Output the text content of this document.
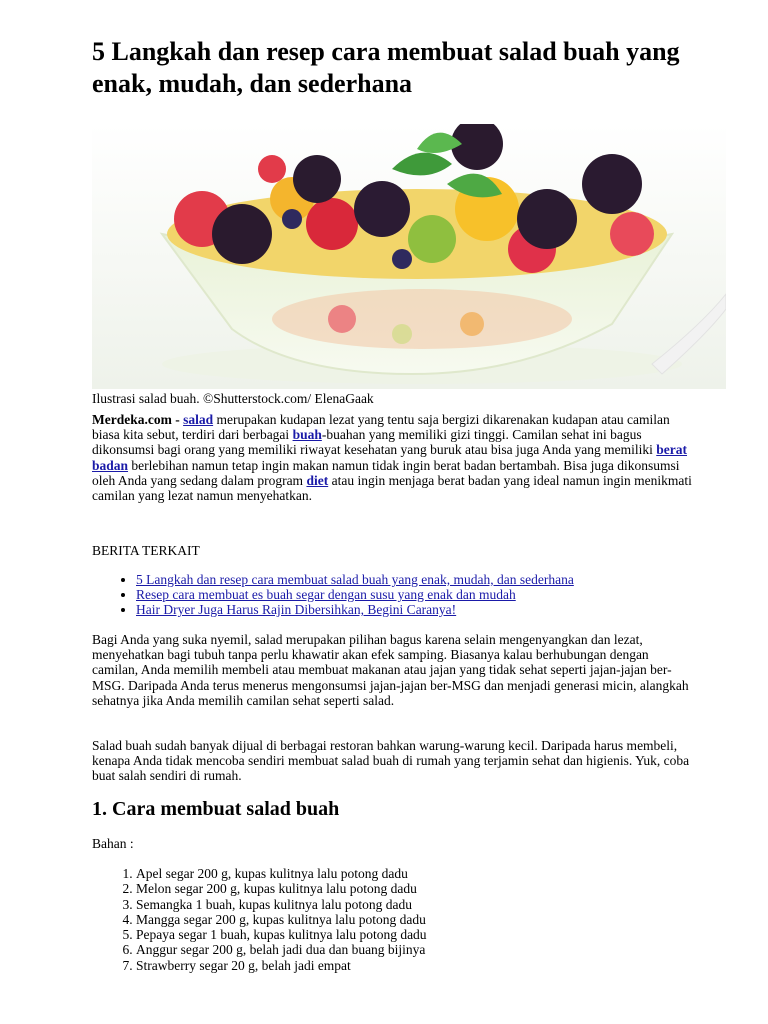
5 Langkah dan resep cara membuat salad buah yang enak, mudah, dan sederhana
Ilustrasi salad buah. ©Shutterstock.com/ ElenaGaak

Merdeka.com - salad merupakan kudapan lezat yang tentu saja bergizi dikarenakan kudapan atau camilan biasa kita sebut, terdiri dari berbagai buah-buahan yang memiliki gizi tinggi. Camilan sehat ini bagus dikonsumsi bagi orang yang memiliki riwayat kesehatan yang buruk atau bisa juga Anda yang memiliki berat badan berlebihan namun tetap ingin makan namun tidak ingin berat badan bertambah. Bisa juga dikonsumsi oleh Anda yang sedang dalam program diet atau ingin menjaga berat badan yang ideal namun ingin menikmati camilan yang lezat namun menyehatkan.

BERITA TERKAIT
• 5 Langkah dan resep cara membuat salad buah yang enak, mudah, dan sederhana
• Resep cara membuat es buah segar dengan susu yang enak dan mudah
• Hair Dryer Juga Harus Rajin Dibersihkan, Begini Caranya!

Bagi Anda yang suka nyemil, salad merupakan pilihan bagus karena selain mengenyangkan dan lezat, menyehatkan bagi tubuh tanpa perlu khawatir akan efek samping. Biasanya kalau berhubungan dengan camilan, Anda memilih membeli atau membuat makanan atau jajan yang tidak sehat seperti jajan-jajan ber-MSG. Daripada Anda terus menerus mengonsumsi jajan-jajan ber-MSG dan menjadi generasi micin, alangkah sehatnya jika Anda memilih camilan sehat seperti salad.

Salad buah sudah banyak dijual di berbagai restoran bahkan warung-warung kecil. Daripada harus membeli, kenapa Anda tidak mencoba sendiri membuat salad buah di rumah yang terjamin sehat dan higienis. Yuk, coba buat salah sendiri di rumah.

1. Cara membuat salad buah
Bahan :
1. Apel segar 200 g, kupas kulitnya lalu potong dadu
2. Melon segar 200 g, kupas kulitnya lalu potong dadu
3. Semangka 1 buah, kupas kulitnya lalu potong dadu
4. Mangga segar 200 g, kupas kulitnya lalu potong dadu
5. Pepaya segar 1 buah, kupas kulitnya lalu potong dadu
6. Anggur segar 200 g, belah jadi dua dan buang bijinya
7. Strawberry segar 20 g, belah jadi empat
